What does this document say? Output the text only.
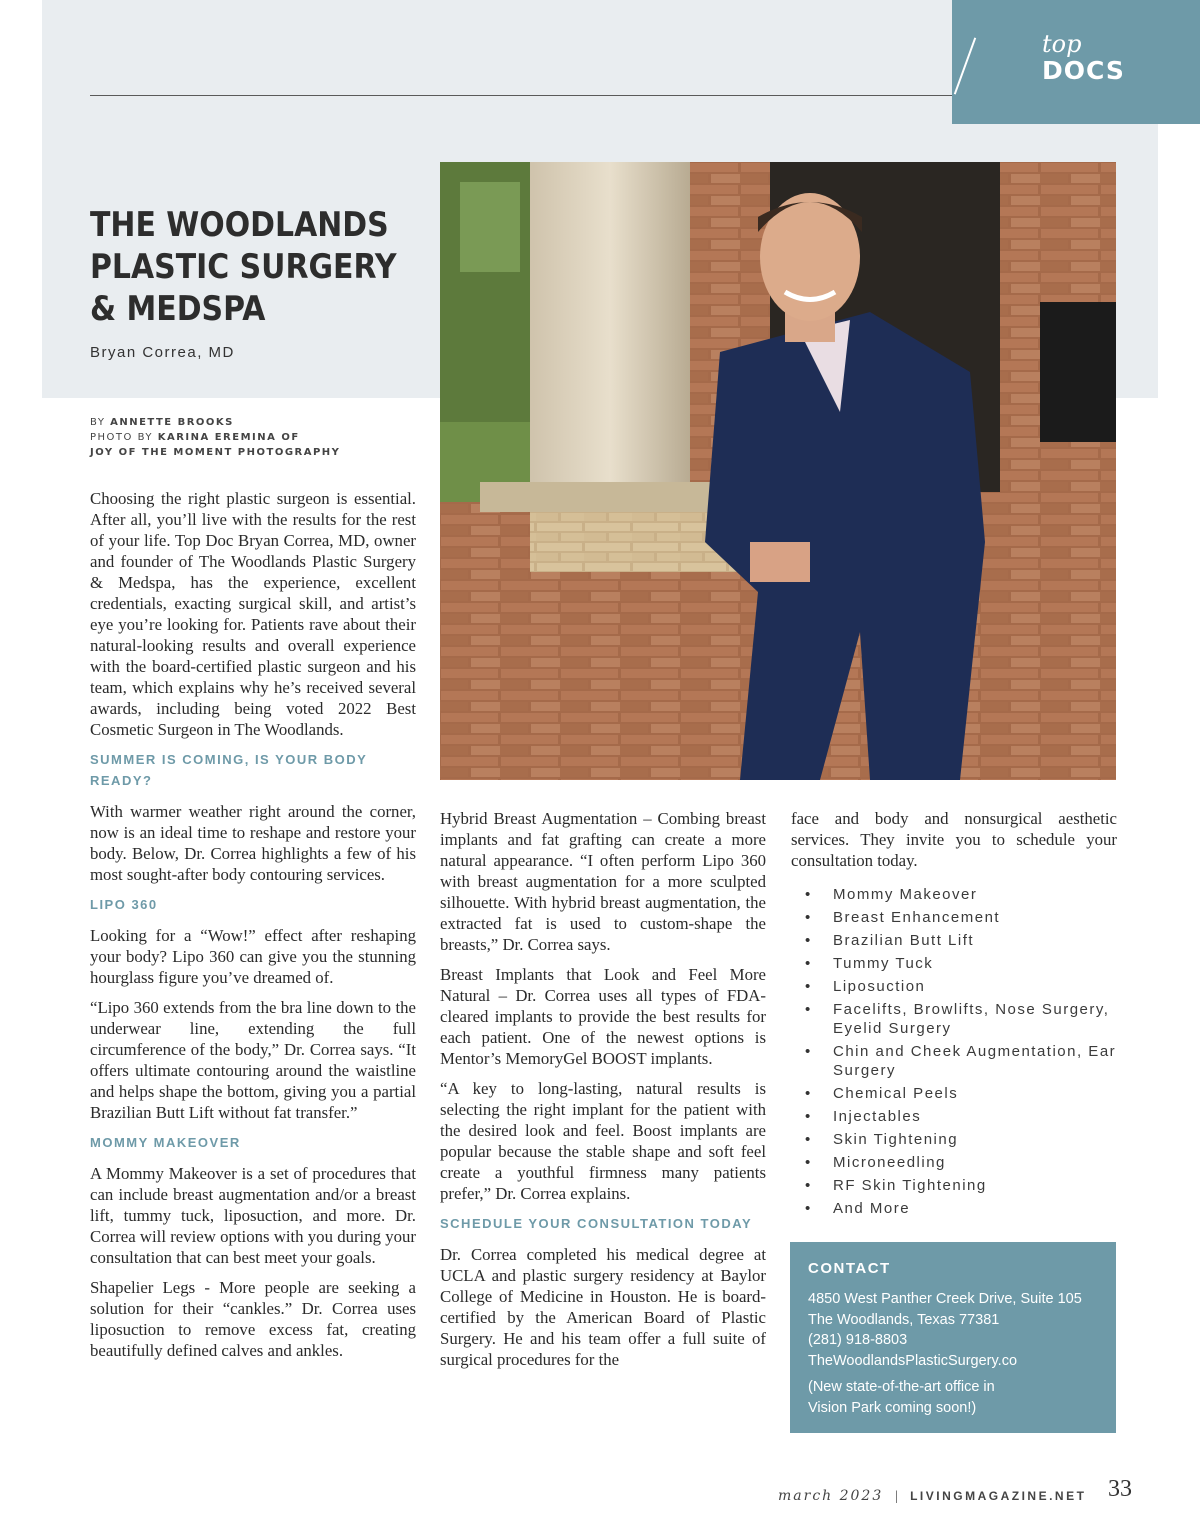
top
DOCS
THE WOODLANDS
PLASTIC SURGERY
& MEDSPA
Bryan Correa, MD
BY ANNETTE BROOKS
PHOTO BY KARINA EREMINA OF
JOY OF THE MOMENT PHOTOGRAPHY

Choosing the right plastic surgeon is essential. After all, you’ll live with the results for the rest of your life. Top Doc Bryan Correa, MD, owner and founder of The Woodlands Plastic Surgery & Medspa, has the experience, excellent credentials, exacting surgical skill, and artist’s eye you’re looking for. Patients rave about their natural-looking results and overall experience with the board-certified plastic surgeon and his team, which explains why he’s received several awards, including being voted 2022 Best Cosmetic Surgeon in The Woodlands.

SUMMER IS COMING, IS YOUR BODY READY?

With warmer weather right around the corner, now is an ideal time to reshape and restore your body. Below, Dr. Correa highlights a few of his most sought-after body contouring services.

LIPO 360

Looking for a “Wow!” effect after reshaping your body? Lipo 360 can give you the stunning hourglass figure you’ve dreamed of.

“Lipo 360 extends from the bra line down to the underwear line, extending the full circumference of the body,” Dr. Correa says. “It offers ultimate contouring around the waistline and helps shape the bottom, giving you a partial Brazilian Butt Lift without fat transfer.”

MOMMY MAKEOVER

A Mommy Makeover is a set of procedures that can include breast augmentation and/or a breast lift, tummy tuck, liposuction, and more. Dr. Correa will review options with you during your consultation that can best meet your goals.

Shapelier Legs - More people are seeking a solution for their “cankles.” Dr. Correa uses liposuction to remove excess fat, creating beautifully defined calves and ankles.

Hybrid Breast Augmentation – Combing breast implants and fat grafting can create a more natural appearance. “I often perform Lipo 360 with breast augmentation for a more sculpted silhouette. With hybrid breast augmentation, the extracted fat is used to custom-shape the breasts,” Dr. Correa says.

Breast Implants that Look and Feel More Natural – Dr. Correa uses all types of FDA-cleared implants to provide the best results for each patient. One of the newest options is Mentor’s MemoryGel BOOST implants.

“A key to long-lasting, natural results is selecting the right implant for the patient with the desired look and feel. Boost implants are popular because the stable shape and soft feel create a youthful firmness many patients prefer,” Dr. Correa explains.

SCHEDULE YOUR CONSULTATION TODAY

Dr. Correa completed his medical degree at UCLA and plastic surgery residency at Baylor College of Medicine in Houston. He is board-certified by the American Board of Plastic Surgery. He and his team offer a full suite of surgical procedures for the

face and body and nonsurgical aesthetic services. They invite you to schedule your consultation today.

• Mommy Makeover
• Breast Enhancement
• Brazilian Butt Lift
• Tummy Tuck
• Liposuction
• Facelifts, Browlifts, Nose Surgery, Eyelid Surgery
• Chin and Cheek Augmentation, Ear Surgery
• Chemical Peels
• Injectables
• Skin Tightening
• Microneedling
• RF Skin Tightening
• And More
CONTACT
4850 West Panther Creek Drive, Suite 105
The Woodlands, Texas 77381
(281) 918-8803
TheWoodlandsPlasticSurgery.co
(New state-of-the-art office in
Vision Park coming soon!)
march 2023 | LIVINGMAGAZINE.NET 33
